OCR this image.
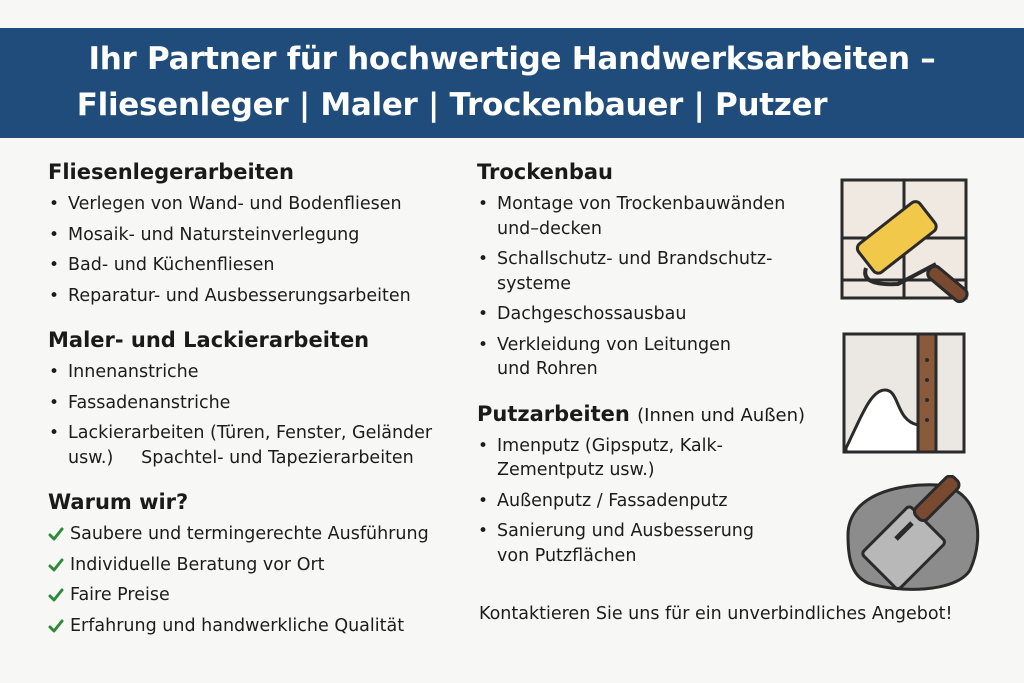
Ihr Partner für hochwertige Handwerksarbeiten –
Fliesenleger | Maler | Trockenbauer | Putzer
Fliesenlegerarbeiten
• Verlegen von Wand- und Bodenfliesen
• Mosaik- und Natursteinverlegung
• Bad- und Küchenfliesen
• Reparatur- und Ausbesserungsarbeiten
Maler- und Lackierarbeiten
• Innenanstriche
• Fassadenanstriche
• Lackierarbeiten (Türen, Fenster, Geländer usw.)     Spachtel- und Tapezierarbeiten
Warum wir?
Saubere und termingerechte Ausführung
Individuelle Beratung vor Ort
Faire Preise
Erfahrung und handwerkliche Qualität
Trockenbau
• Montage von Trockenbauwänden und–decken
• Schallschutz- und Brandschutz-systeme
• Dachgeschossausbau
• Verkleidung von Leitungen und Rohren
Putzarbeiten (Innen und Außen)
• Imenputz (Gipsputz, Kalk-Zementputz usw.)
• Außenputz / Fassadenputz
• Sanierung und Ausbesserung von Putzflächen
Kontaktieren Sie uns für ein unverbindliches Angebot!
